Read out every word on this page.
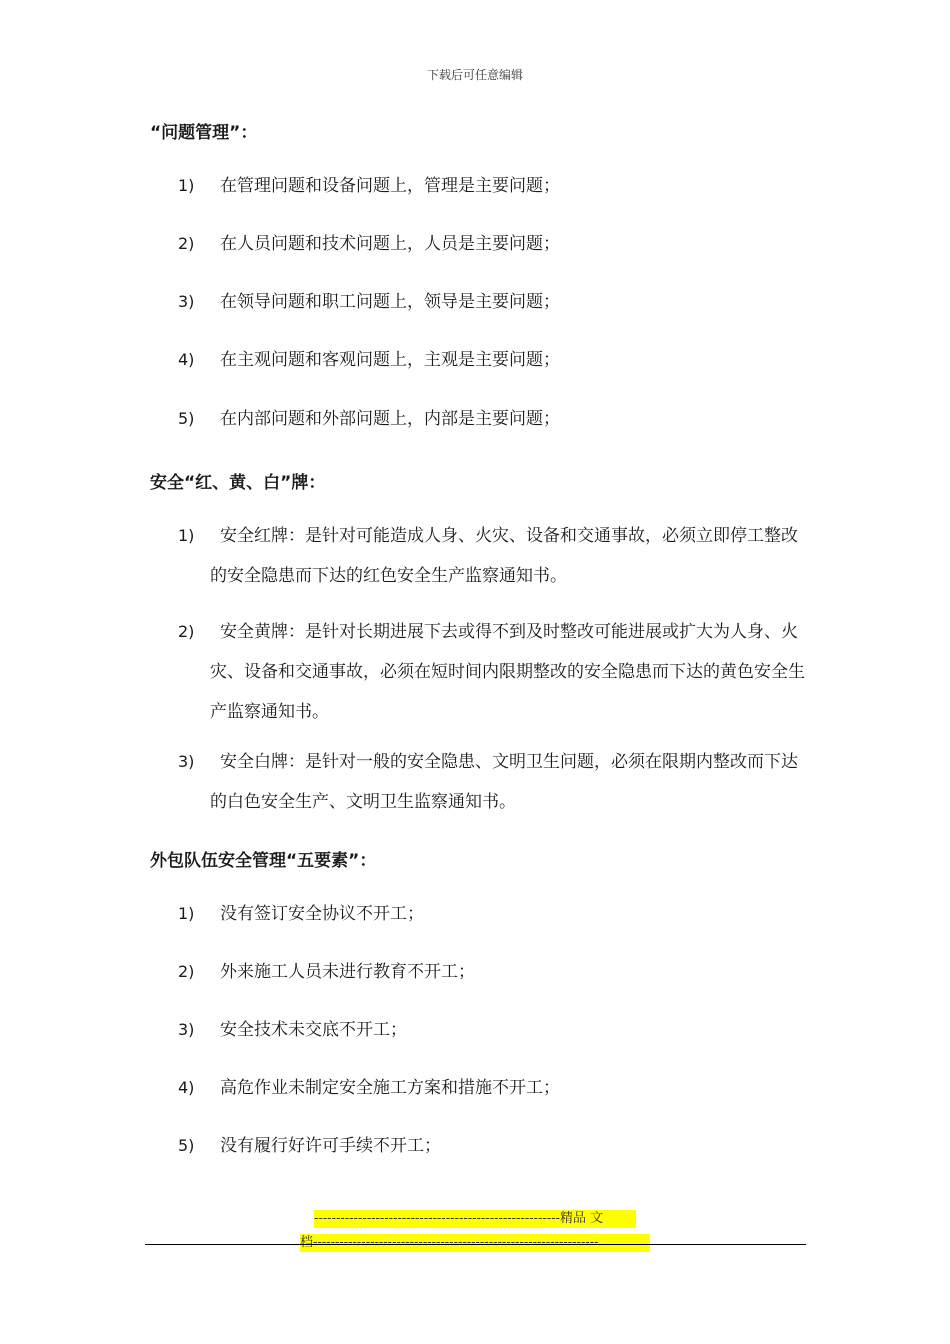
下载后可任意编辑
“问题管理”：
1)	在管理问题和设备问题上，管理是主要问题；
2)	在人员问题和技术问题上，人员是主要问题；
3)	在领导问题和职工问题上，领导是主要问题；
4)	在主观问题和客观问题上，主观是主要问题；
5)	在内部问题和外部问题上，内部是主要问题；
安全“红、黄、白”牌：
1)	安全红牌：是针对可能造成人身、火灾、设备和交通事故，必须立即停工整改的安全隐患而下达的红色安全生产监察通知书。
2)	安全黄牌：是针对长期进展下去或得不到及时整改可能进展或扩大为人身、火灾、设备和交通事故，必须在短时间内限期整改的安全隐患而下达的黄色安全生产监察通知书。
3)	安全白牌：是针对一般的安全隐患、文明卫生问题，必须在限期内整改而下达的白色安全生产、文明卫生监察通知书。
外包队伍安全管理“五要素”：
1)	没有签订安全协议不开工；
2)	外来施工人员未进行教育不开工；
3)	安全技术未交底不开工；
4)	高危作业未制定安全施工方案和措施不开工；
5)	没有履行好许可手续不开工；
--------------------------------------------------------精品 文
档-----------------------------------------------------------------
